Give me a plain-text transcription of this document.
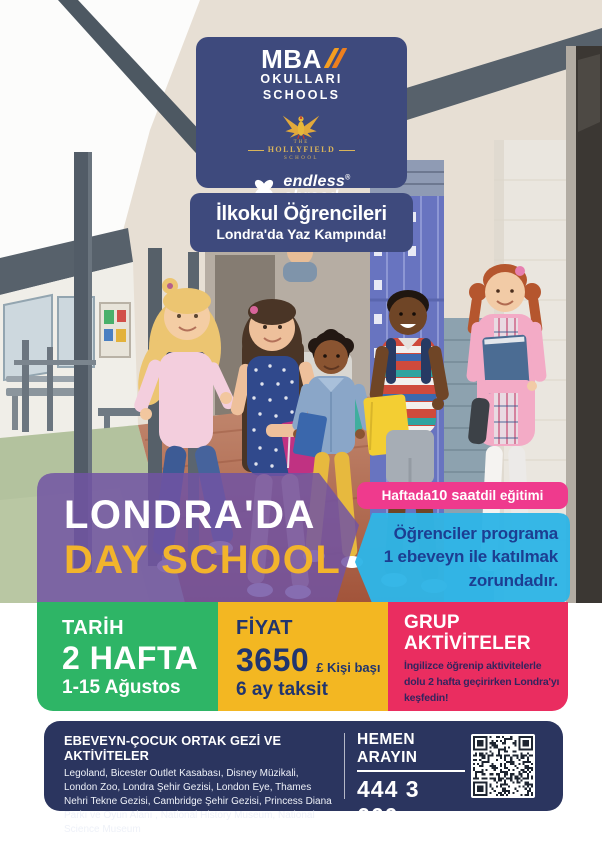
MBA
OKULLARI
SCHOOLS
THE
HOLLYFIELD
SCHOOL
endless®
İlkokul Öğrencileri
Londra'da Yaz Kampında!
LONDRA'DA
DAY SCHOOL
Haftada 10 saat dil eğitimi
Öğrenciler programa
1 ebeveyn ile katılmak
zorundadır.
TARİH
2 HAFTA
1-15 Ağustos
FİYAT
3650 £ Kişi başı
6 ay taksit
GRUP
AKTİVİTELER
İngilizce öğrenip aktivitelerle dolu 2 hafta geçirirken Londra'yı keşfedin!
EBEVEYN-ÇOCUK ORTAK GEZİ VE AKTİVİTELER
Legoland, Bicester Outlet Kasabası, Disney Müzikali, London Zoo, Londra Şehir Gezisi, London Eye, Thames Nehri Tekne Gezisi, Cambridge Şehir Gezisi, Princess Diana Parkı ve Oyun Alanı , National History Museum, National Science Museum
HEMEN ARAYIN
444 3 660
www.endlessabroad.com.tr
info@endlessabroad.com.tr
